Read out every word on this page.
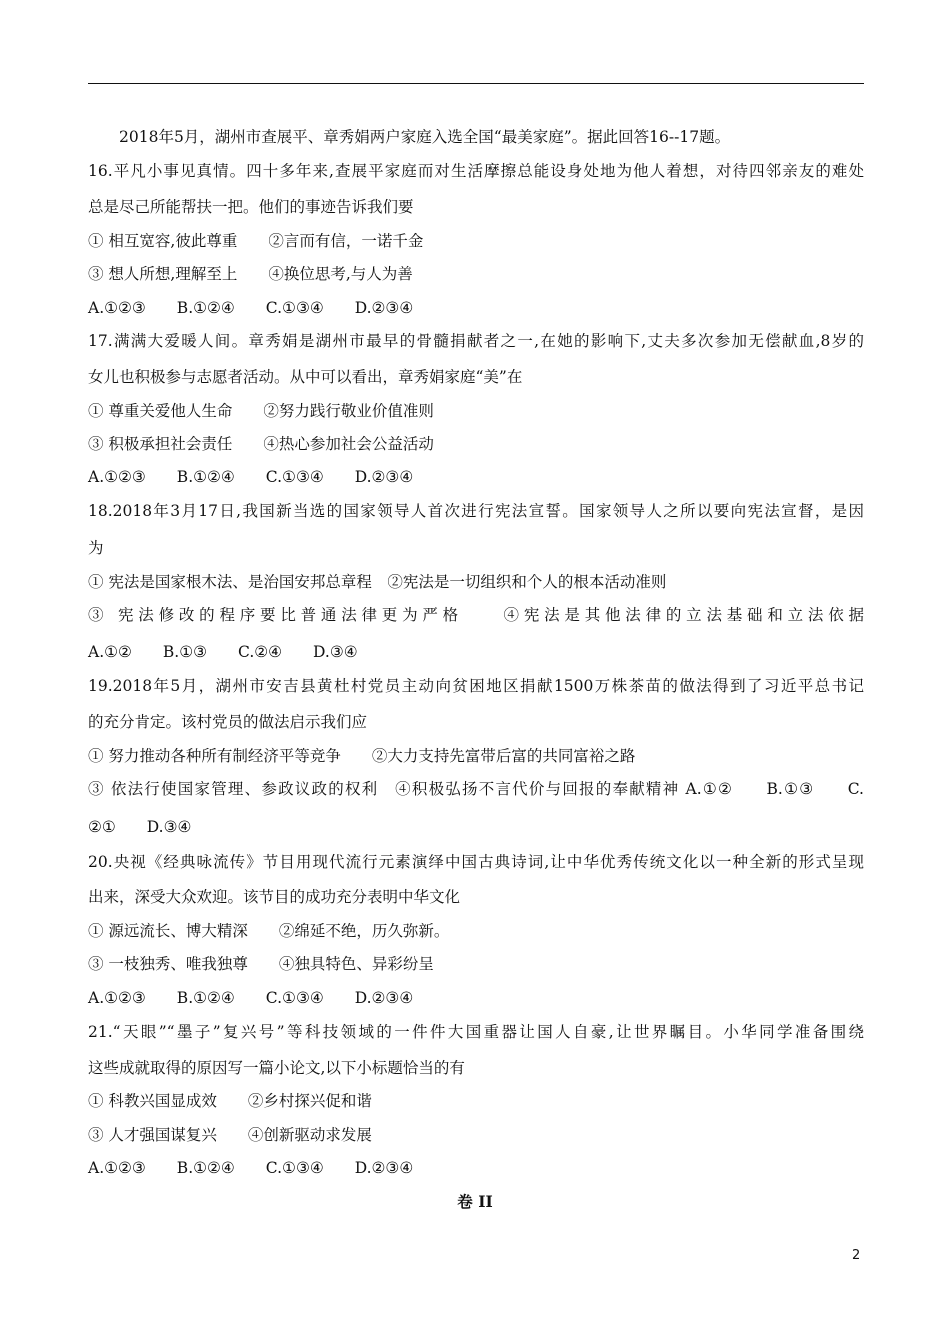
2018年5月，湖州市查展平、章秀娟两户家庭入选全国“最美家庭”。据此回答16--17题。
16.平凡小事见真情。四十多年来,查展平家庭而对生活摩擦总能设身处地为他人着想，对待四邻亲友的难处
总是尽己所能帮扶一把。他们的事迹告诉我们要
① 相互宽容,彼此尊重　　②言而有信，一诺千金
③ 想人所想,理解至上　　④换位思考,与人为善
A.①②③　　B.①②④　　C.①③④　　D.②③④
17.满满大爱暖人间。章秀娟是湖州市最早的骨髓捐献者之一,在她的影响下,丈夫多次参加无偿献血,8岁的
女儿也积极参与志愿者活动。从中可以看出，章秀娟家庭“美”在
① 尊重关爱他人生命　　②努力践行敬业价值准则
③ 积极承担社会责任　　④热心参加社会公益活动
A.①②③　　B.①②④　　C.①③④　　D.②③④
18.2018年3月17日,我国新当选的国家领导人首次进行宪法宣誓。国家领导人之所以要向宪法宣督，是因
为
① 宪法是国家根木法、是治国安邦总章程　②宪法是一切组织和个人的根本活动准则
③ 宪法修改的程序要比普通法律更为严格　　④宪法是其他法律的立法基础和立法依据
A.①②　　B.①③　　C.②④　　D.③④
19.2018年5月，湖州市安吉县黄杜村党员主动向贫困地区捐献1500万株茶苗的做法得到了习近平总书记
的充分肯定。该村党员的做法启示我们应
① 努力推动各种所有制经济平等竞争　　②大力支持先富带后富的共同富裕之路
③ 依法行使国家管理、参政议政的权利　④积极弘扬不言代价与回报的奉献精神 A.①②　　B.①③　　C.
②①　　D.③④
20.央视《经典咏流传》节目用现代流行元素演绎中国古典诗词,让中华优秀传统文化以一种全新的形式呈现
出来，深受大众欢迎。该节目的成功充分表明中华文化
① 源远流长、博大精深　　②绵延不绝，历久弥新。
③ 一枝独秀、唯我独尊　　④独具特色、异彩纷呈
A.①②③　　B.①②④　　C.①③④　　D.②③④
21.“天眼”“墨子”复兴号”等科技领域的一件件大国重器让国人自豪,让世界瞩目。小华同学准备围绕
这些成就取得的原因写一篇小论文,以下小标题恰当的有
① 科教兴国显成效　　②乡村探兴促和谐
③ 人才强国谋复兴　　④创新驱动求发展
A.①②③　　B.①②④　　C.①③④　　D.②③④
卷 II
2
